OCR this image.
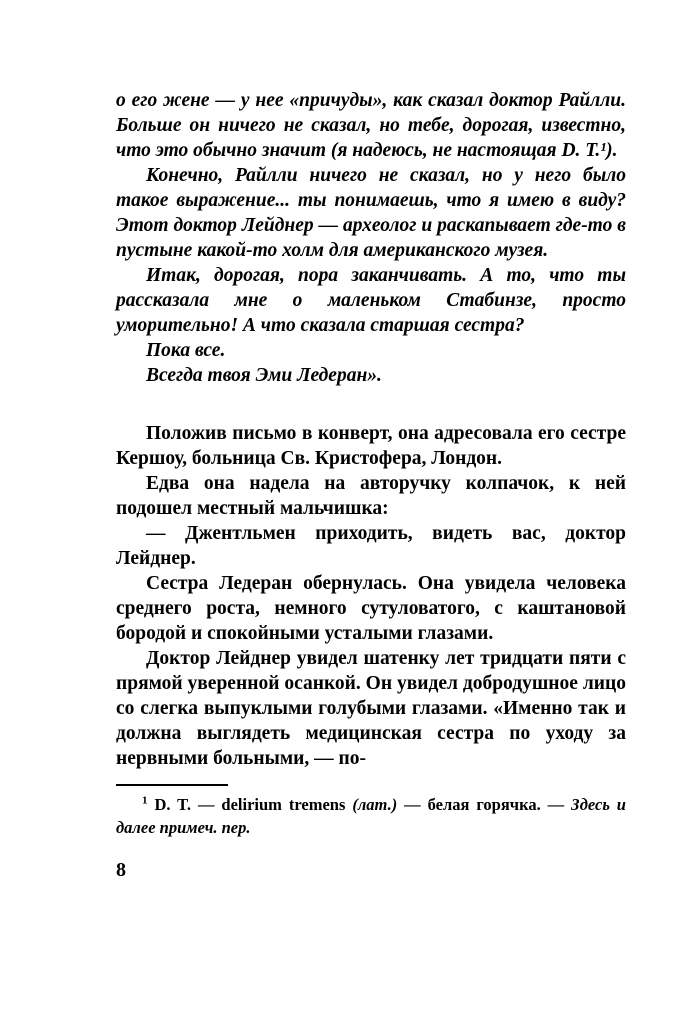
о его жене — у нее «причуды», как сказал доктор Райлли. Больше он ничего не сказал, но тебе, дорогая, известно, что это обычно значит (я надеюсь, не настоящая D. T.¹).

Конечно, Райлли ничего не сказал, но у него было такое выражение... ты понимаешь, что я имею в виду? Этот доктор Лейднер — археолог и раскапывает где-то в пустыне какой-то холм для американского музея.

Итак, дорогая, пора заканчивать. А то, что ты рассказала мне о маленьком Стабинзе, просто уморительно! А что сказала старшая сестра?

Пока все.

Всегда твоя Эми Ледеран».

Положив письмо в конверт, она адресовала его сестре Кершоу, больница Св. Кристофера, Лондон.

Едва она надела на авторучку колпачок, к ней подошел местный мальчишка:

— Джентльмен приходить, видеть вас, доктор Лейднер.

Сестра Ледеран обернулась. Она увидела человека среднего роста, немного сутуловатого, с каштановой бородой и спокойными усталыми глазами.

Доктор Лейднер увидел шатенку лет тридцати пяти с прямой уверенной осанкой. Он увидел добродушное лицо со слегка выпуклыми голубыми глазами. «Именно так и должна выглядеть медицинская сестра по уходу за нервными больными, — по-

$^1$ D. T. — delirium tremens (лат.) — белая горячка. — Здесь и далее примеч. пер.

8
